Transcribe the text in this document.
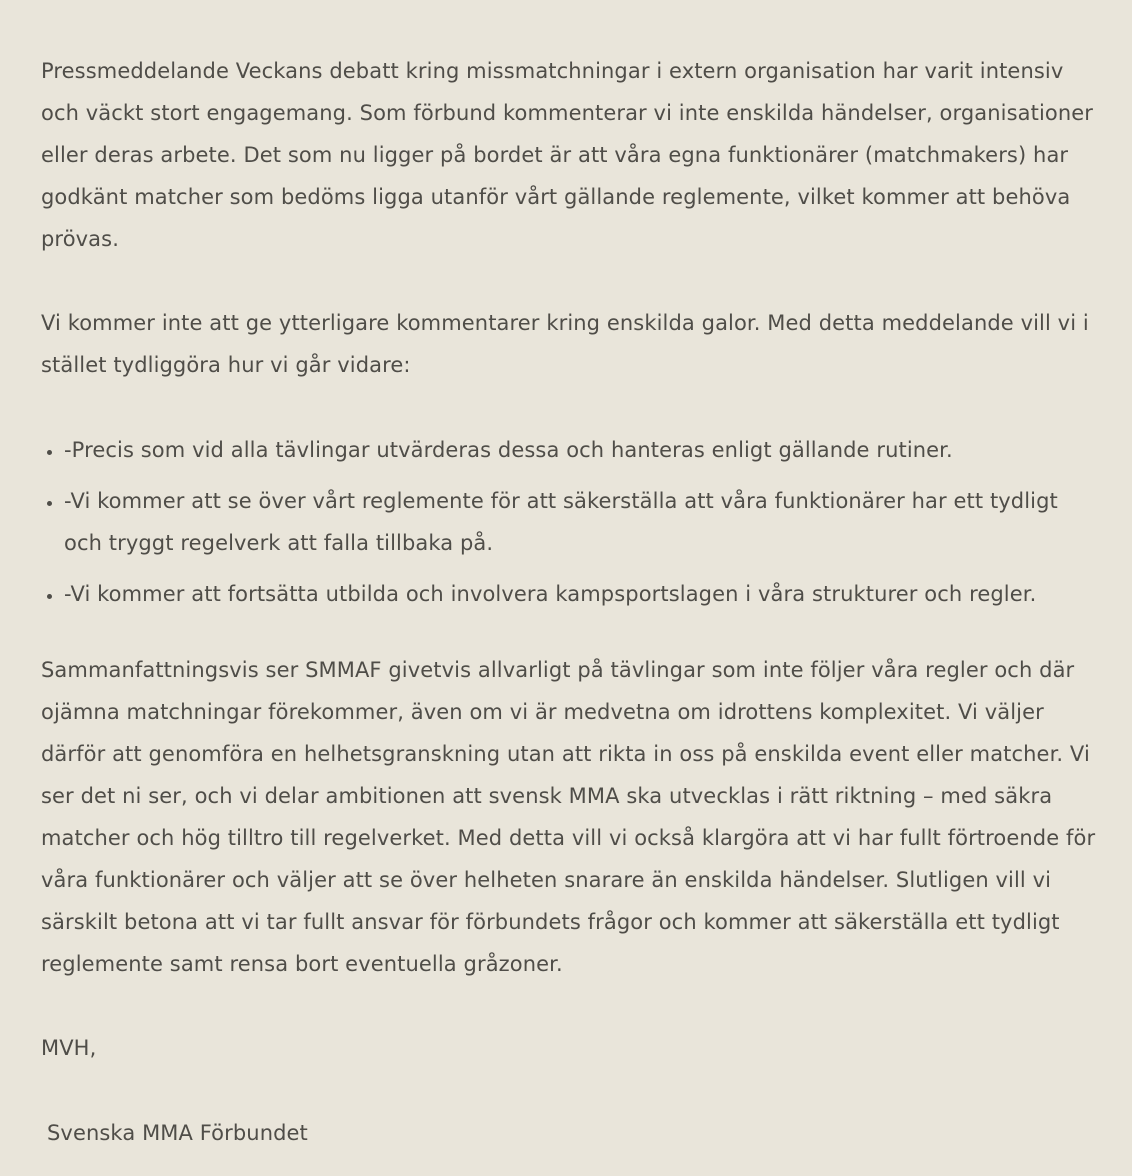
Pressmeddelande Veckans debatt kring missmatchningar i extern organisation har varit intensiv och väckt stort engagemang. Som förbund kommenterar vi inte enskilda händelser, organisationer eller deras arbete. Det som nu ligger på bordet är att våra egna funktionärer (matchmakers) har godkänt matcher som bedöms ligga utanför vårt gällande reglemente, vilket kommer att behöva prövas.

Vi kommer inte att ge ytterligare kommentarer kring enskilda galor. Med detta meddelande vill vi i stället tydliggöra hur vi går vidare:

• -Precis som vid alla tävlingar utvärderas dessa och hanteras enligt gällande rutiner.
• -Vi kommer att se över vårt reglemente för att säkerställa att våra funktionärer har ett tydligt och tryggt regelverk att falla tillbaka på.
• -Vi kommer att fortsätta utbilda och involvera kampsportslagen i våra strukturer och regler.

Sammanfattningsvis ser SMMAF givetvis allvarligt på tävlingar som inte följer våra regler och där ojämna matchningar förekommer, även om vi är medvetna om idrottens komplexitet. Vi väljer därför att genomföra en helhetsgranskning utan att rikta in oss på enskilda event eller matcher. Vi ser det ni ser, och vi delar ambitionen att svensk MMA ska utvecklas i rätt riktning – med säkra matcher och hög tilltro till regelverket. Med detta vill vi också klargöra att vi har fullt förtroende för våra funktionärer och väljer att se över helheten snarare än enskilda händelser. Slutligen vill vi särskilt betona att vi tar fullt ansvar för förbundets frågor och kommer att säkerställa ett tydligt reglemente samt rensa bort eventuella gråzoner.

MVH,

Svenska MMA Förbundet
